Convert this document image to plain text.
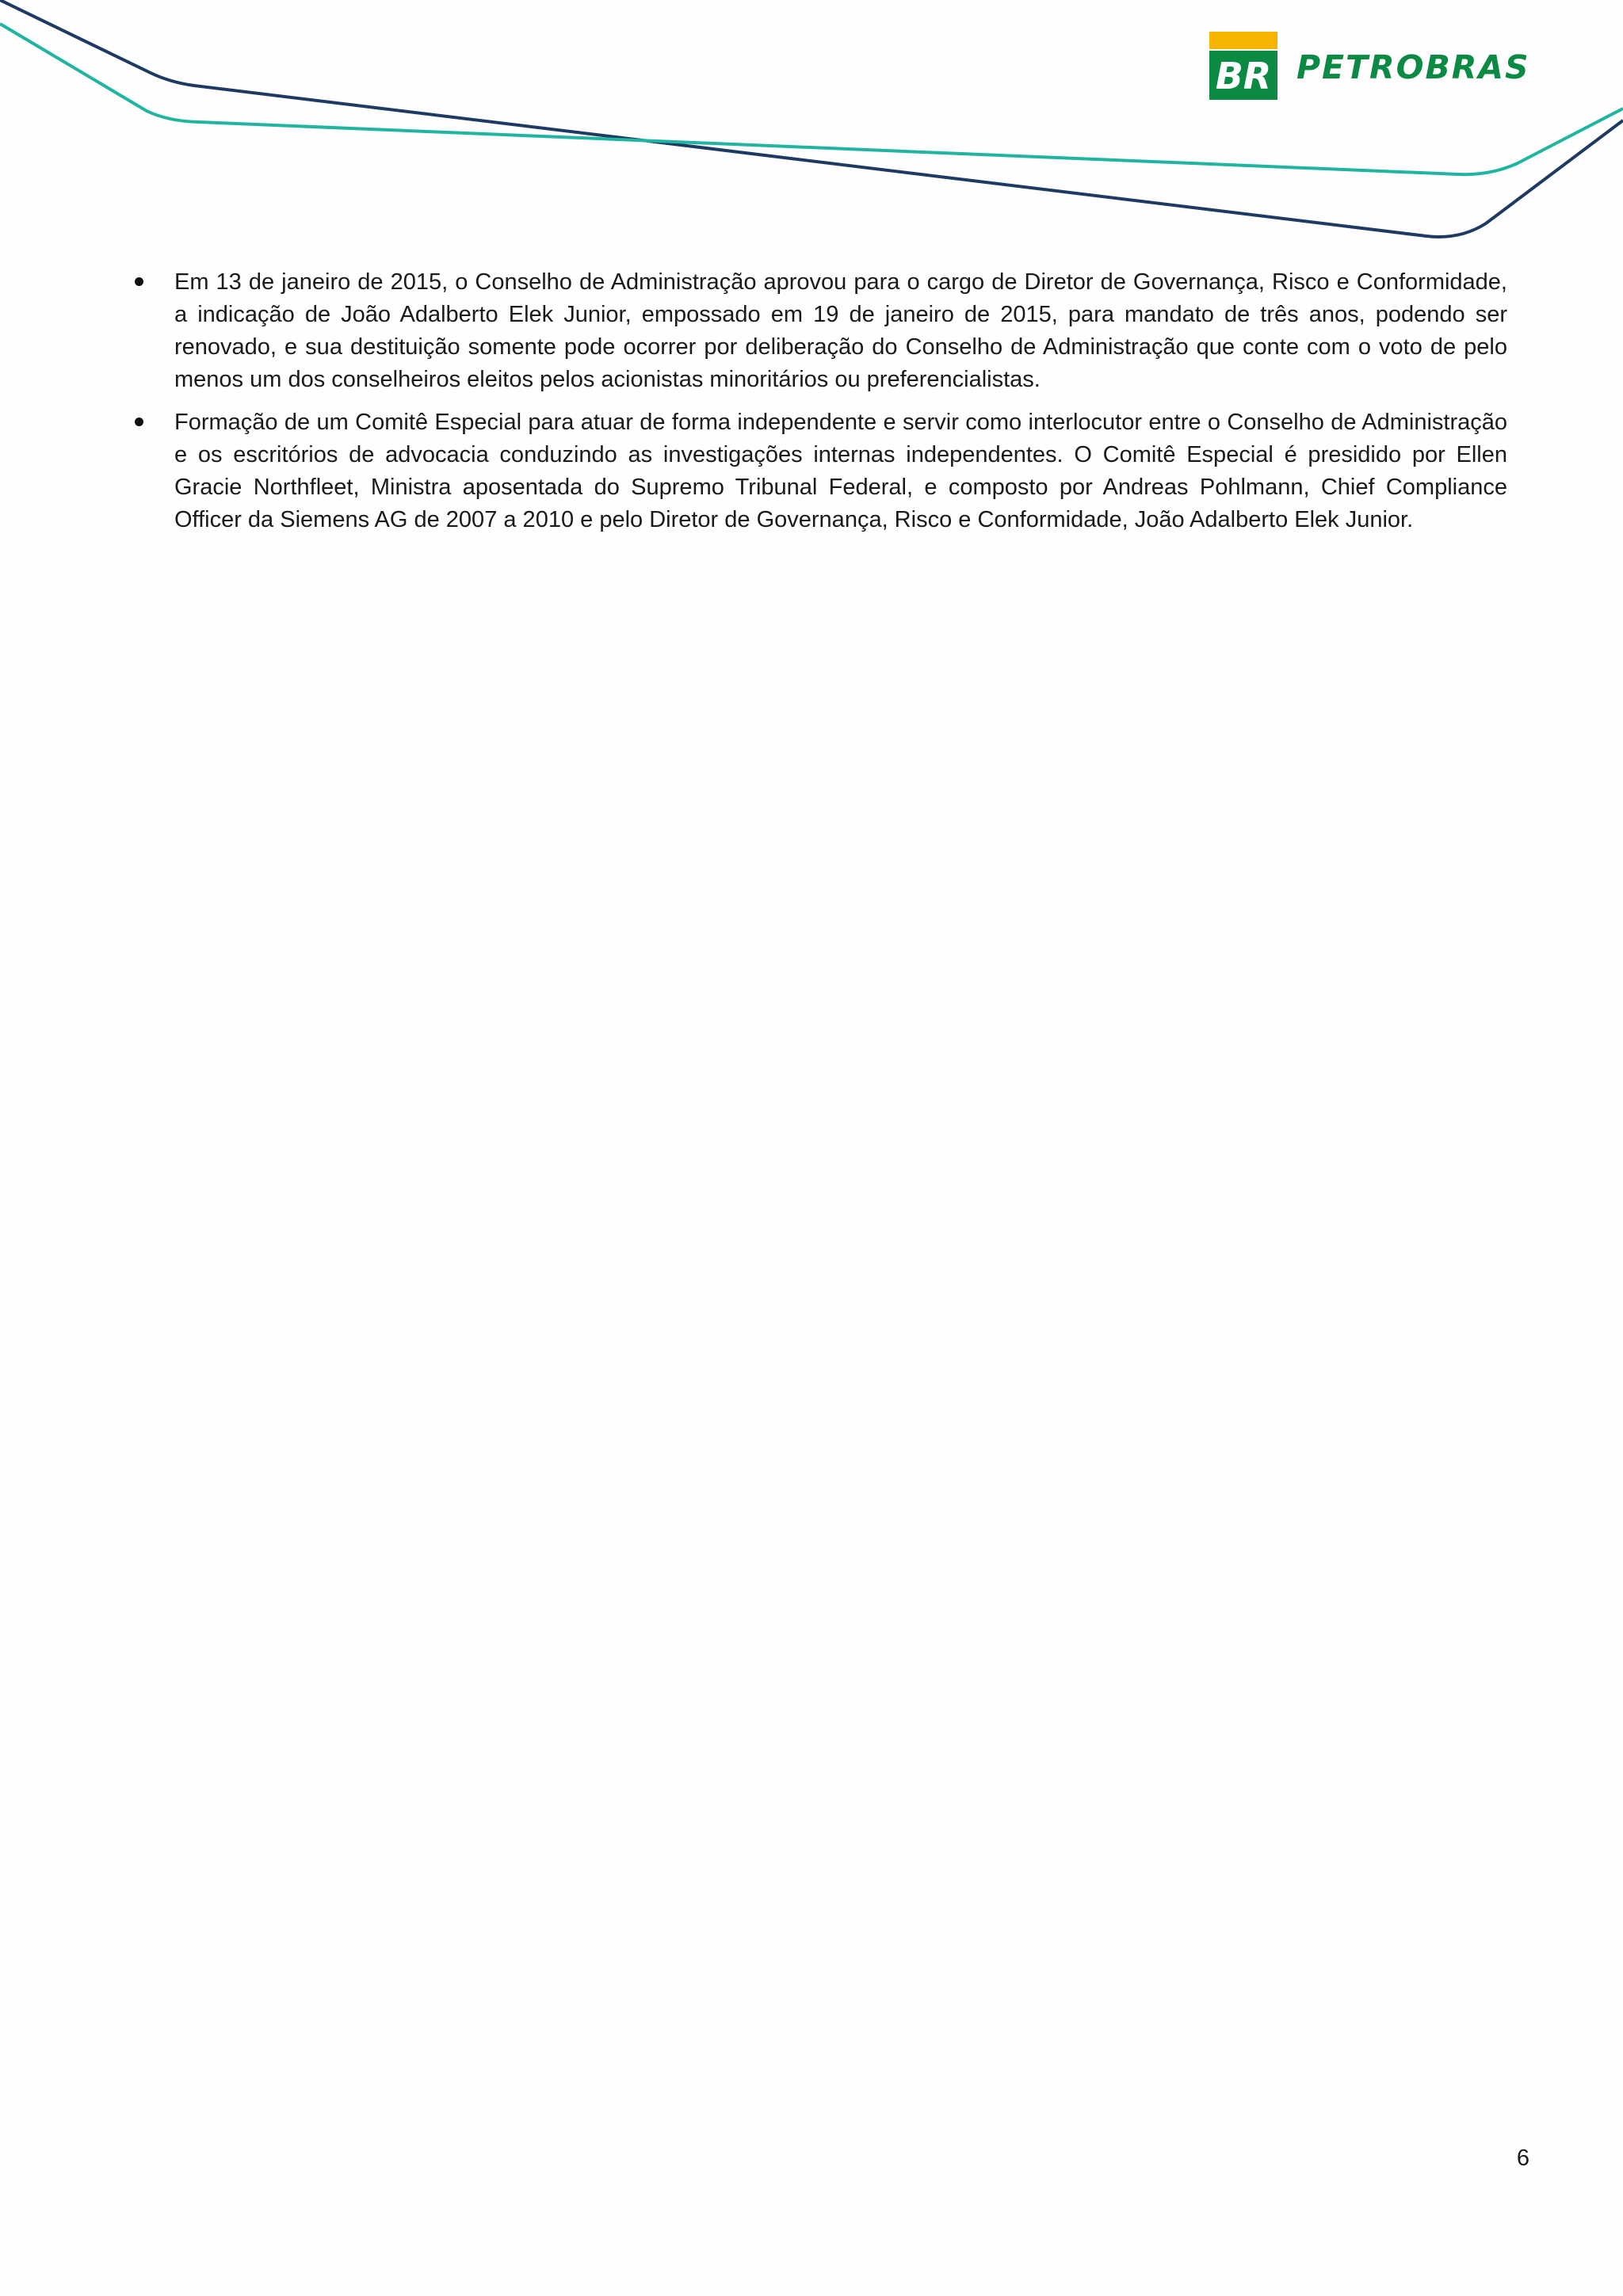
BR PETROBRAS
Em 13 de janeiro de 2015, o Conselho de Administração aprovou para o cargo de Diretor de Governança, Risco e Conformidade, a indicação de João Adalberto Elek Junior, empossado em 19 de janeiro de 2015, para mandato de três anos, podendo ser renovado, e sua destituição somente pode ocorrer por deliberação do Conselho de Administração que conte com o voto de pelo menos um dos conselheiros eleitos pelos acionistas minoritários ou preferencialistas.
Formação de um Comitê Especial para atuar de forma independente e servir como interlocutor entre o Conselho de Administração e os escritórios de advocacia conduzindo as investigações internas independentes. O Comitê Especial é presidido por Ellen Gracie Northfleet, Ministra aposentada do Supremo Tribunal Federal, e composto por Andreas Pohlmann, Chief Compliance Officer da Siemens AG de 2007 a 2010 e pelo Diretor de Governança, Risco e Conformidade, João Adalberto Elek Junior.
6
